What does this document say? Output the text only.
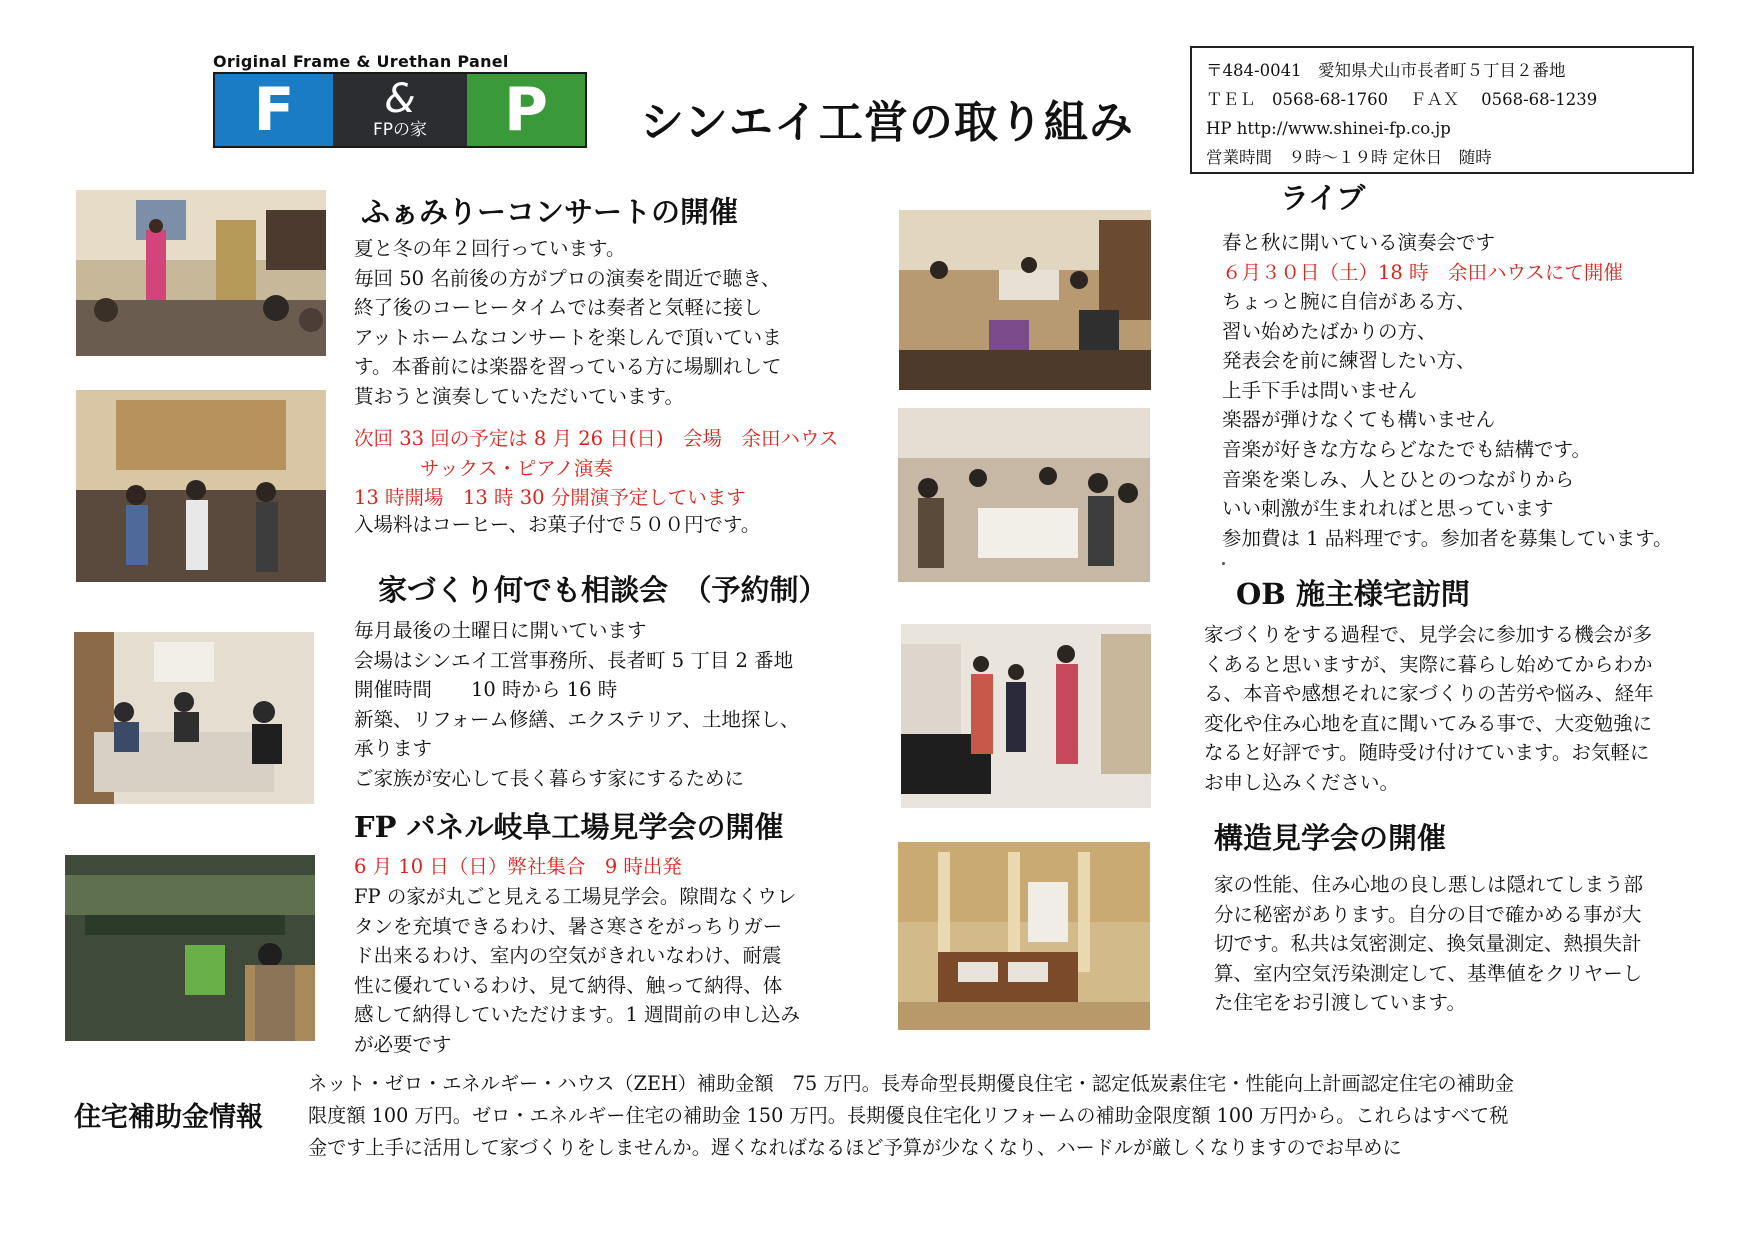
Original Frame & Urethan Panel
F	&
FPの家	P	シンエイ工営の取り組み
〒484-0041　愛知県犬山市長者町５丁目２番地
ＴＥＬ　0568-68-1760　 ＦＡＸ　 0568-68-1239
HP http://www.shinei-fp.co.jp
営業時間　９時～１９時 定休日　随時
ふぁみりーコンサートの開催
夏と冬の年２回行っています。
毎回 50 名前後の方がプロの演奏を間近で聴き、
終了後のコーヒータイムでは奏者と気軽に接し
アットホームなコンサートを楽しんで頂いていま
す。本番前には楽器を習っている方に場馴れして
貰おうと演奏していただいています。
次回 33 回の予定は 8 月 26 日(日)　会場　余田ハウス
サックス・ピアノ演奏
13 時開場　13 時 30 分開演予定しています
入場料はコーヒー、お菓子付で５００円です。
家づくり何でも相談会　（予約制）
毎月最後の土曜日に開いています
会場はシンエイ工営事務所、長者町 5 丁目 2 番地
開催時間　　10 時から 16 時
新築、リフォーム修繕、エクステリア、土地探し、
承ります
ご家族が安心して長く暮らす家にするために
FP パネル岐阜工場見学会の開催
6 月 10 日（日）弊社集合　9 時出発
FP の家が丸ごと見える工場見学会。隙間なくウレ
タンを充填できるわけ、暑さ寒さをがっちりガー
ド出来るわけ、室内の空気がきれいなわけ、耐震
性に優れているわけ、見て納得、触って納得、体
感して納得していただけます。1 週間前の申し込み
が必要です
ライブ
春と秋に開いている演奏会です
６月３０日（土）18 時　余田ハウスにて開催
ちょっと腕に自信がある方、
習い始めたばかりの方、
発表会を前に練習したい方、
上手下手は問いません
楽器が弾けなくても構いません
音楽が好きな方ならどなたでも結構です。
音楽を楽しみ、人とひとのつながりから
いい刺激が生まれればと思っています
参加費は 1 品料理です。参加者を募集しています。
OB 施主様宅訪問
家づくりをする過程で、見学会に参加する機会が多
くあると思いますが、実際に暮らし始めてからわか
る、本音や感想それに家づくりの苦労や悩み、経年
変化や住み心地を直に聞いてみる事で、大変勉強に
なると好評です。随時受け付けています。お気軽に
お申し込みください。
構造見学会の開催
家の性能、住み心地の良し悪しは隠れてしまう部
分に秘密があります。自分の目で確かめる事が大
切です。私共は気密測定、換気量測定、熱損失計
算、室内空気汚染測定して、基準値をクリヤーし
た住宅をお引渡しています。
住宅補助金情報
ネット・ゼロ・エネルギー・ハウス（ZEH）補助金額　75 万円。長寿命型長期優良住宅・認定低炭素住宅・性能向上計画認定住宅の補助金
限度額 100 万円。ゼロ・エネルギー住宅の補助金 150 万円。長期優良住宅化リフォームの補助金限度額 100 万円から。これらはすべて税
金です上手に活用して家づくりをしませんか。遅くなればなるほど予算が少なくなり、ハードルが厳しくなりますのでお早めに
